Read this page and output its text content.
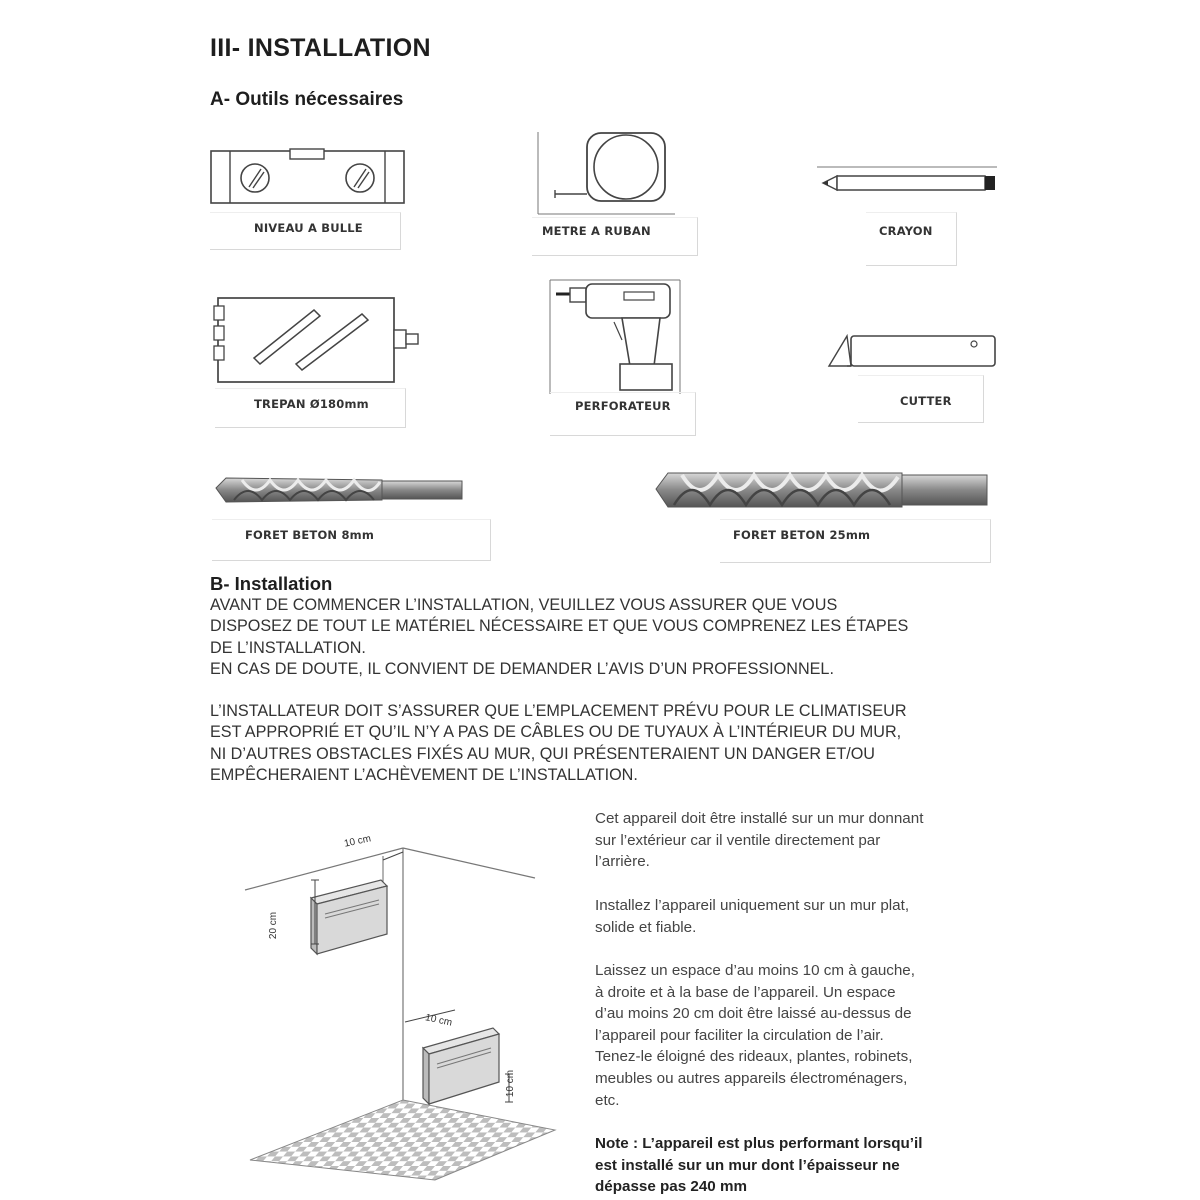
III- INSTALLATION
A- Outils nécessaires
NIVEAU A BULLE	METRE A RUBAN	CRAYON
TREPAN Ø180mm	PERFORATEUR	CUTTER
FORET BETON 8mm	FORET BETON 25mm
B- Installation
AVANT DE COMMENCER L’INSTALLATION, VEUILLEZ VOUS ASSURER QUE VOUS
DISPOSEZ DE TOUT LE MATÉRIEL NÉCESSAIRE ET QUE VOUS COMPRENEZ LES ÉTAPES
DE L’INSTALLATION.
EN CAS DE DOUTE, IL CONVIENT DE DEMANDER L’AVIS D’UN PROFESSIONNEL.
L’INSTALLATEUR DOIT S’ASSURER QUE L’EMPLACEMENT PRÉVU POUR LE CLIMATISEUR
EST APPROPRIÉ ET QU’IL N’Y A PAS DE CÂBLES OU DE TUYAUX À L’INTÉRIEUR DU MUR,
NI D’AUTRES OBSTACLES FIXÉS AU MUR, QUI PRÉSENTERAIENT UN DANGER ET/OU
EMPÊCHERAIENT L’ACHÈVEMENT DE L’INSTALLATION.
10 cm
20 cm
10 cm
10 cm
Cet appareil doit être installé sur un mur donnant
sur l’extérieur car il ventile directement par
l’arrière.
Installez l’appareil uniquement sur un mur plat,
solide et fiable.
Laissez un espace d’au moins 10 cm à gauche,
à droite et à la base de l’appareil. Un espace
d’au moins 20 cm doit être laissé au-dessus de
l’appareil pour faciliter la circulation de l’air.
Tenez-le éloigné des rideaux, plantes, robinets,
meubles ou autres appareils électroménagers,
etc.
Note : L’appareil est plus performant lorsqu’il
est installé sur un mur dont l’épaisseur ne
dépasse pas 240 mm
